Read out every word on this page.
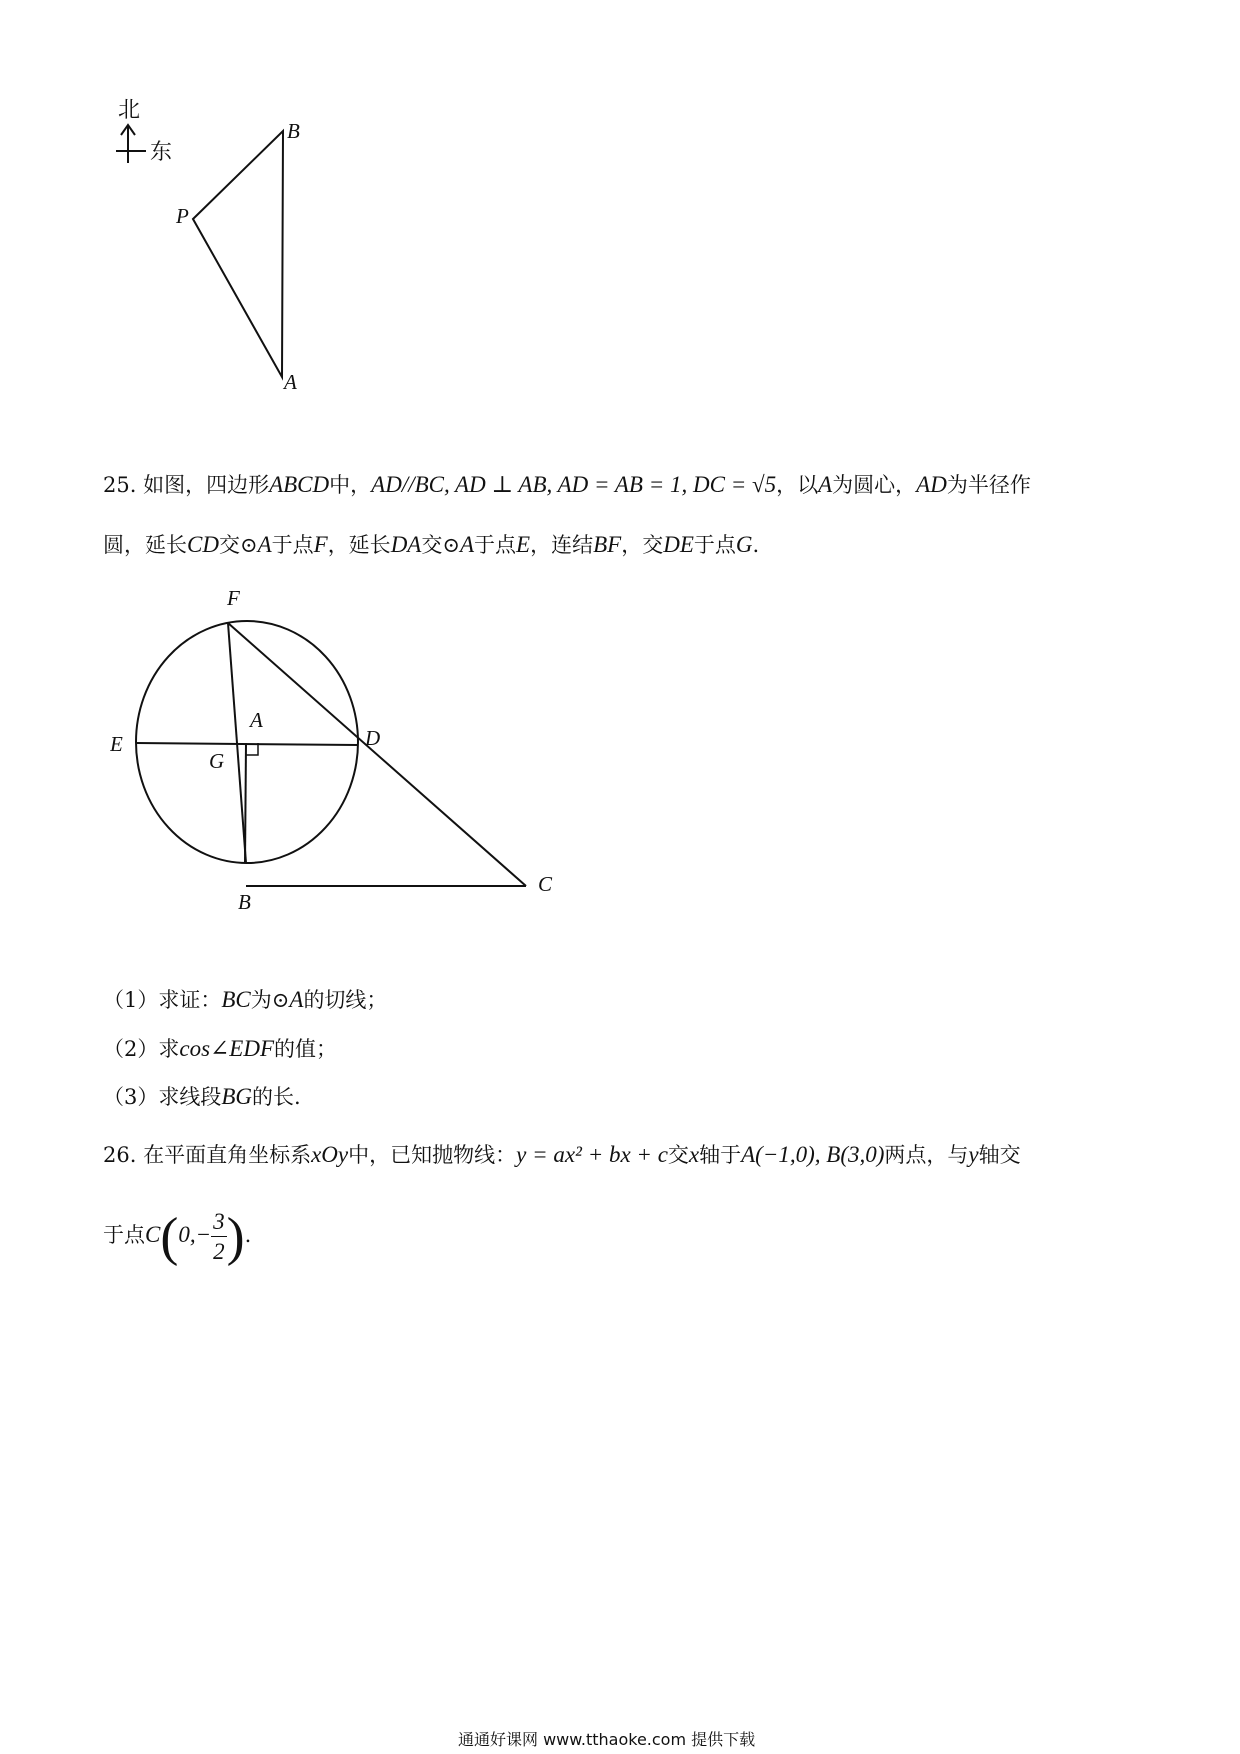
北
东
B
P
A
25. 如图，四边形ABCD中，AD//BC, AD ⊥ AB, AD = AB = 1, DC = √5，以A为圆心，AD为半径作
圆，延长CD交⊙A于点F，延长DA交⊙A于点E，连结BF，交DE于点G.
F
A
E
G
D
B
C
（1）求证：BC为⊙A的切线；
（2）求cos∠EDF的值；
（3）求线段BG的长.
26. 在平面直角坐标系xOy中，已知抛物线：y = ax² + bx + c交x轴于A(−1,0), B(3,0)两点，与y轴交
于点$C(0,- \frac{3}{2}$ ).
通通好课网 www.tthaoke.com 提供下载
